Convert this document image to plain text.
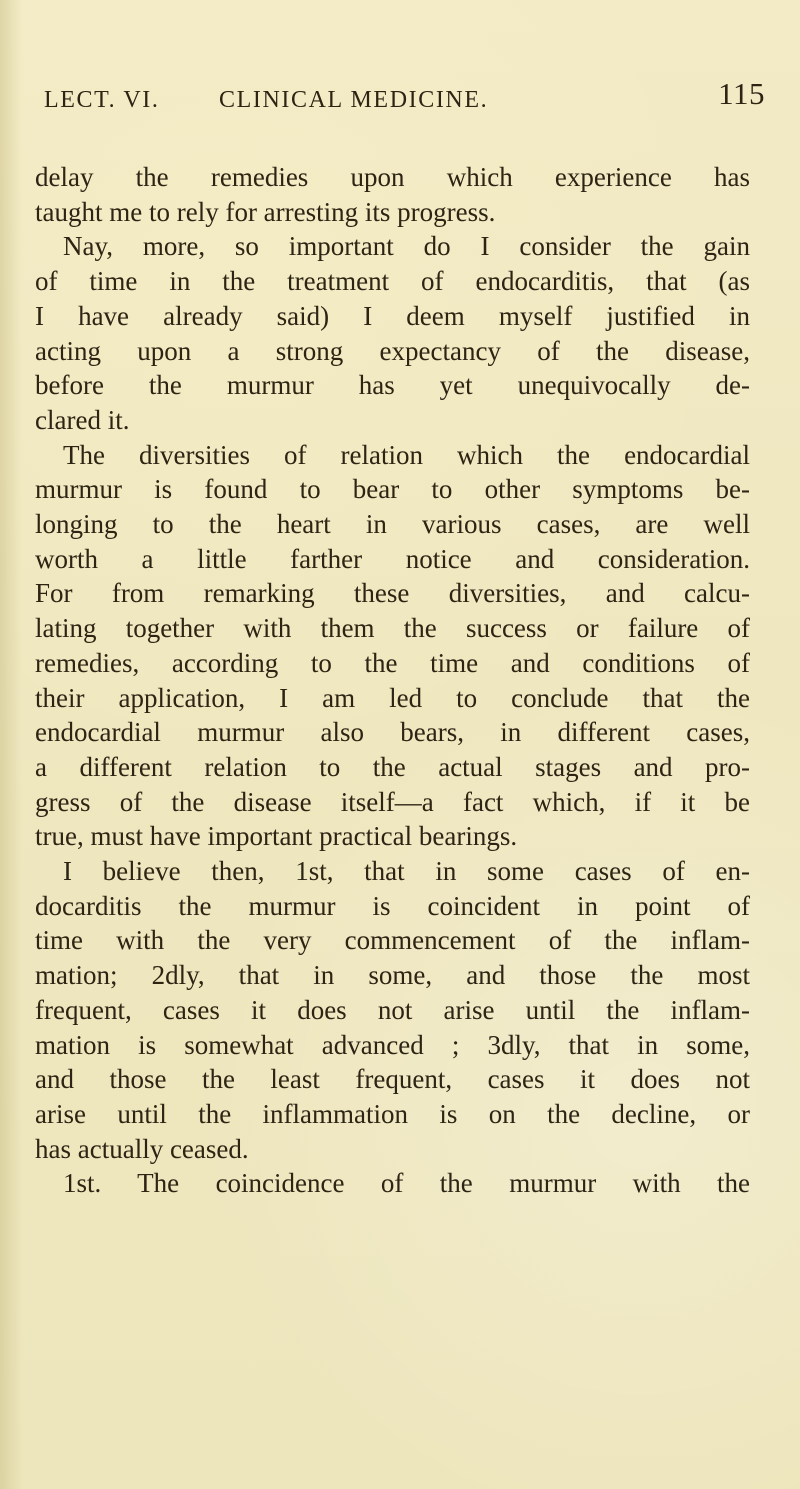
LECT. VI. CLINICAL MEDICINE.	115
delay the remedies upon which experience has
taught me to rely for arresting its progress.
Nay, more, so important do I consider the gain
of time in the treatment of endocarditis, that (as
I have already said) I deem myself justified in
acting upon a strong expectancy of the disease,
before the murmur has yet unequivocally de-
clared it.
The diversities of relation which the endocardial
murmur is found to bear to other symptoms be-
longing to the heart in various cases, are well
worth a little farther notice and consideration.
For from remarking these diversities, and calcu-
lating together with them the success or failure of
remedies, according to the time and conditions of
their application, I am led to conclude that the
endocardial murmur also bears, in different cases,
a different relation to the actual stages and pro-
gress of the disease itself—a fact which, if it be
true, must have important practical bearings.
I believe then, 1st, that in some cases of en-
docarditis the murmur is coincident in point of
time with the very commencement of the inflam-
mation; 2dly, that in some, and those the most
frequent, cases it does not arise until the inflam-
mation is somewhat advanced ; 3dly, that in some,
and those the least frequent, cases it does not
arise until the inflammation is on the decline, or
has actually ceased.
1st. The coincidence of the murmur with the
